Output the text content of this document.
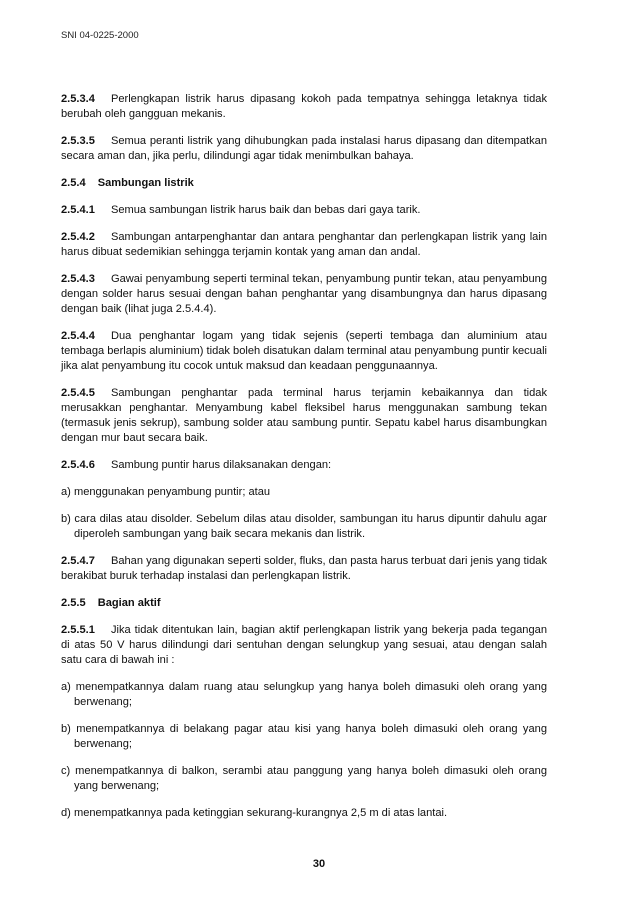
SNI 04-0225-2000

2.5.3.4 Perlengkapan listrik harus dipasang kokoh pada tempatnya sehingga letaknya tidak berubah oleh gangguan mekanis.

2.5.3.5 Semua peranti listrik yang dihubungkan pada instalasi harus dipasang dan ditempatkan secara aman dan, jika perlu, dilindungi agar tidak menimbulkan bahaya.

2.5.4 Sambungan listrik

2.5.4.1 Semua sambungan listrik harus baik dan bebas dari gaya tarik.

2.5.4.2 Sambungan antarpenghantar dan antara penghantar dan perlengkapan listrik yang lain harus dibuat sedemikian sehingga terjamin kontak yang aman dan andal.

2.5.4.3 Gawai penyambung seperti terminal tekan, penyambung puntir tekan, atau penyambung dengan solder harus sesuai dengan bahan penghantar yang disambungnya dan harus dipasang dengan baik (lihat juga 2.5.4.4).

2.5.4.4 Dua penghantar logam yang tidak sejenis (seperti tembaga dan aluminium atau tembaga berlapis aluminium) tidak boleh disatukan dalam terminal atau penyambung puntir kecuali jika alat penyambung itu cocok untuk maksud dan keadaan penggunaannya.

2.5.4.5 Sambungan penghantar pada terminal harus terjamin kebaikannya dan tidak merusakkan penghantar. Menyambung kabel fleksibel harus menggunakan sambung tekan (termasuk jenis sekrup), sambung solder atau sambung puntir. Sepatu kabel harus disambungkan dengan mur baut secara baik.

2.5.4.6 Sambung puntir harus dilaksanakan dengan:

a) menggunakan penyambung puntir; atau

b) cara dilas atau disolder. Sebelum dilas atau disolder, sambungan itu harus dipuntir dahulu agar diperoleh sambungan yang baik secara mekanis dan listrik.

2.5.4.7 Bahan yang digunakan seperti solder, fluks, dan pasta harus terbuat dari jenis yang tidak berakibat buruk terhadap instalasi dan perlengkapan listrik.

2.5.5 Bagian aktif

2.5.5.1 Jika tidak ditentukan lain, bagian aktif perlengkapan listrik yang bekerja pada tegangan di atas 50 V harus dilindungi dari sentuhan dengan selungkup yang sesuai, atau dengan salah satu cara di bawah ini :

a) menempatkannya dalam ruang atau selungkup yang hanya boleh dimasuki oleh orang yang berwenang;

b) menempatkannya di belakang pagar atau kisi yang hanya boleh dimasuki oleh orang yang berwenang;

c) menempatkannya di balkon, serambi atau panggung yang hanya boleh dimasuki oleh orang yang berwenang;

d) menempatkannya pada ketinggian sekurang-kurangnya 2,5 m di atas lantai.

30
